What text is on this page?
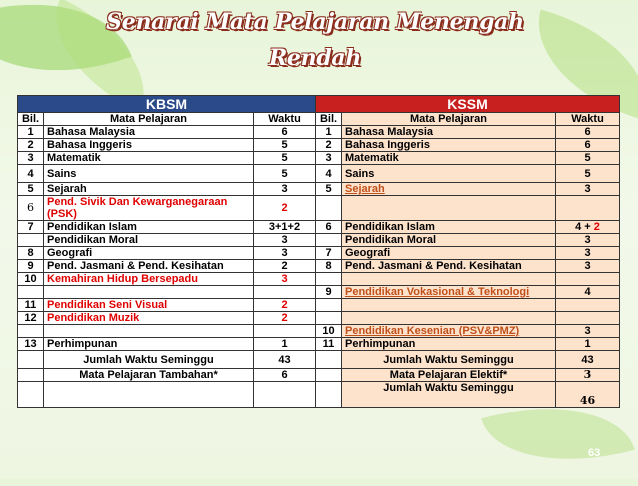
Senarai Mata Pelajaran Menengah Rendah
KBSM			KSSM		
Bil.	Mata Pelajaran	Waktu	Bil.	Mata Pelajaran	Waktu
1	Bahasa Malaysia	6	1	Bahasa Malaysia	6
2	Bahasa Inggeris	5	2	Bahasa Inggeris	6
3	Matematik	5	3	Matematik	5
4	Sains	5	4	Sains	5
5	Sejarah	3	5	Sejarah	3
6	Pend. Sivik Dan Kewarganegaraan (PSK)	2			
7	Pendidikan Islam	3+1+2	6	Pendidikan Islam	4 + 2
	Pendidikan Moral	3		Pendidikan Moral	3
8	Geografi	3	7	Geografi	3
9	Pend. Jasmani & Pend. Kesihatan	2	8	Pend. Jasmani & Pend. Kesihatan	3
10	Kemahiran Hidup Bersepadu	3			
			9	Pendidikan Vokasional & Teknologi	4
11	Pendidikan Seni Visual	2			
12	Pendidikan Muzik	2			
			10	Pendidikan Kesenian (PSV&PMZ)	3
13	Perhimpunan	1	11	Perhimpunan	1
	Jumlah Waktu Seminggu	43		Jumlah Waktu Seminggu	43
	Mata Pelajaran Tambahan*	6		Mata Pelajaran Elektif*	3
				Jumlah Waktu Seminggu	46
63
